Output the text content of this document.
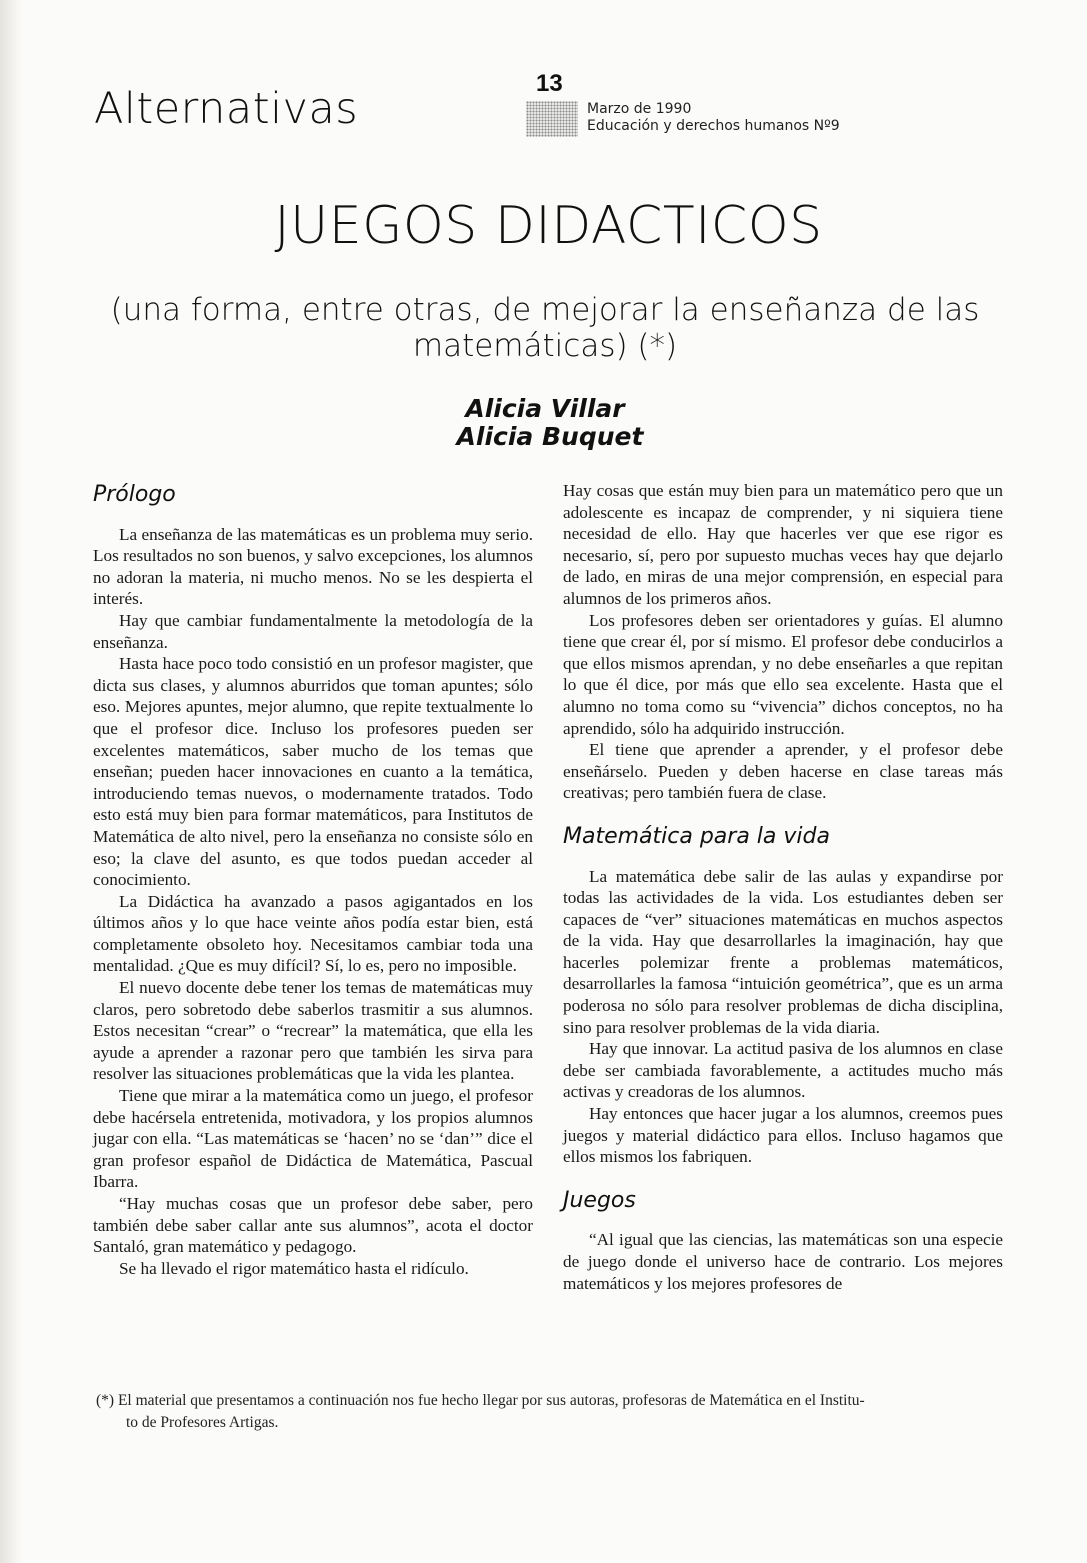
Alternativas
13
Marzo de 1990
Educación y derechos humanos Nº9
JUEGOS DIDACTICOS
(una forma, entre otras, de mejorar la enseñanza de las matemáticas) (*)
Alicia Villar
Alicia Buquet
Prólogo

La enseñanza de las matemáticas es un problema muy serio. Los resultados no son buenos, y salvo excepciones, los alumnos no adoran la materia, ni mucho menos. No se les despierta el interés.

Hay que cambiar fundamentalmente la metodología de la enseñanza.

Hasta hace poco todo consistió en un profesor magister, que dicta sus clases, y alumnos aburridos que toman apuntes; sólo eso. Mejores apuntes, mejor alumno, que repite textualmente lo que el profesor dice. Incluso los profesores pueden ser excelentes matemáticos, saber mucho de los temas que enseñan; pueden hacer innovaciones en cuanto a la temática, introduciendo temas nuevos, o modernamente tratados. Todo esto está muy bien para formar matemáticos, para Institutos de Matemática de alto nivel, pero la enseñanza no consiste sólo en eso; la clave del asunto, es que todos puedan acceder al conocimiento.

La Didáctica ha avanzado a pasos agigantados en los últimos años y lo que hace veinte años podía estar bien, está completamente obsoleto hoy. Necesitamos cambiar toda una mentalidad. ¿Que es muy difícil? Sí, lo es, pero no imposible.

El nuevo docente debe tener los temas de matemáticas muy claros, pero sobretodo debe saberlos trasmitir a sus alumnos. Estos necesitan “crear” o “recrear” la matemática, que ella les ayude a aprender a razonar pero que también les sirva para resolver las situaciones problemáticas que la vida les plantea.

Tiene que mirar a la matemática como un juego, el profesor debe hacérsela entretenida, motivadora, y los propios alumnos jugar con ella. “Las matemáticas se ‘hacen’ no se ‘dan’” dice el gran profesor español de Didáctica de Matemática, Pascual Ibarra.

“Hay muchas cosas que un profesor debe saber, pero también debe saber callar ante sus alumnos”, acota el doctor Santaló, gran matemático y pedagogo.

Se ha llevado el rigor matemático hasta el ridículo.

Hay cosas que están muy bien para un matemático pero que un adolescente es incapaz de comprender, y ni siquiera tiene necesidad de ello. Hay que hacerles ver que ese rigor es necesario, sí, pero por supuesto muchas veces hay que dejarlo de lado, en miras de una mejor comprensión, en especial para alumnos de los primeros años.

Los profesores deben ser orientadores y guías. El alumno tiene que crear él, por sí mismo. El profesor debe conducirlos a que ellos mismos aprendan, y no debe enseñarles a que repitan lo que él dice, por más que ello sea excelente. Hasta que el alumno no toma como su “vivencia” dichos conceptos, no ha aprendido, sólo ha adquirido instrucción.

El tiene que aprender a aprender, y el profesor debe enseñárselo. Pueden y deben hacerse en clase tareas más creativas; pero también fuera de clase.

Matemática para la vida

La matemática debe salir de las aulas y expandirse por todas las actividades de la vida. Los estudiantes deben ser capaces de “ver” situaciones matemáticas en muchos aspectos de la vida. Hay que desarrollarles la imaginación, hay que hacerles polemizar frente a problemas matemáticos, desarrollarles la famosa “intuición geométrica”, que es un arma poderosa no sólo para resolver problemas de dicha disciplina, sino para resolver problemas de la vida diaria.

Hay que innovar. La actitud pasiva de los alumnos en clase debe ser cambiada favorablemente, a actitudes mucho más activas y creadoras de los alumnos.

Hay entonces que hacer jugar a los alumnos, creemos pues juegos y material didáctico para ellos. Incluso hagamos que ellos mismos los fabriquen.

Juegos

“Al igual que las ciencias, las matemáticas son una especie de juego donde el universo hace de contrario. Los mejores matemáticos y los mejores profesores de

(*) El material que presentamos a continuación nos fue hecho llegar por sus autoras, profesoras de Matemática en el Institu-
to de Profesores Artigas.
